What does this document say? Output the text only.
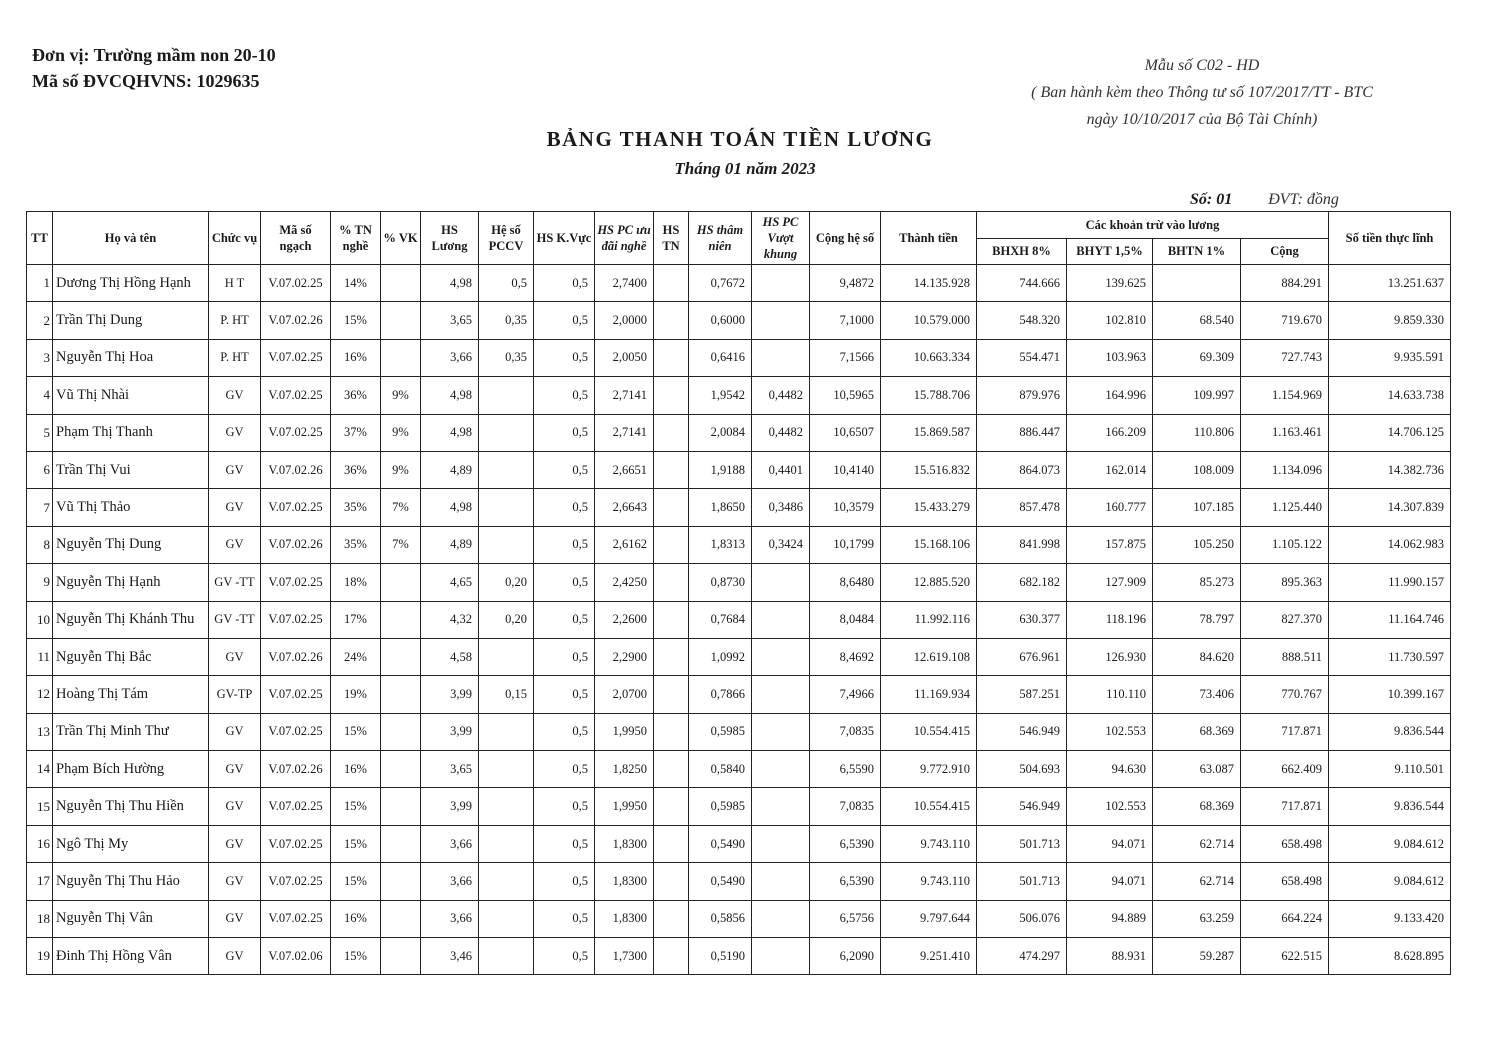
Đơn vị: Trường mầm non 20-10
Mã số ĐVCQHVNS: 1029635
Mẫu số C02 - HD
( Ban hành kèm theo Thông tư số 107/2017/TT - BTC
ngày 10/10/2017 của Bộ Tài Chính)
BẢNG THANH TOÁN TIỀN LƯƠNG
Tháng 01 năm 2023
Số: 01 ĐVT: đồng
TT	Họ và tên	Chức vụ	Mã số ngạch	% TN nghề	% VK	HS Lương	Hệ số PCCV	HS K.Vực	HS PC ưu đãi nghề	HS TN	HS thâm niên	HS PC Vượt khung	Cộng hệ số	Thành tiền	Các khoản trừ vào lương				Số tiền thực lĩnh
															BHXH 8%	BHYT 1,5%	BHTN 1%	Cộng	
1	Dương Thị Hồng Hạnh	H T	V.07.02.25	14%		4,98	0,5	0,5	2,7400		0,7672		9,4872	14.135.928	744.666	139.625		884.291	13.251.637
2	Trần Thị Dung	P. HT	V.07.02.26	15%		3,65	0,35	0,5	2,0000		0,6000		7,1000	10.579.000	548.320	102.810	68.540	719.670	9.859.330
3	Nguyễn Thị Hoa	P. HT	V.07.02.25	16%		3,66	0,35	0,5	2,0050		0,6416		7,1566	10.663.334	554.471	103.963	69.309	727.743	9.935.591
4	Vũ Thị Nhài	GV	V.07.02.25	36%	9%	4,98		0,5	2,7141		1,9542	0,4482	10,5965	15.788.706	879.976	164.996	109.997	1.154.969	14.633.738
5	Phạm Thị Thanh	GV	V.07.02.25	37%	9%	4,98		0,5	2,7141		2,0084	0,4482	10,6507	15.869.587	886.447	166.209	110.806	1.163.461	14.706.125
6	Trần Thị Vui	GV	V.07.02.26	36%	9%	4,89		0,5	2,6651		1,9188	0,4401	10,4140	15.516.832	864.073	162.014	108.009	1.134.096	14.382.736
7	Vũ Thị Thảo	GV	V.07.02.25	35%	7%	4,98		0,5	2,6643		1,8650	0,3486	10,3579	15.433.279	857.478	160.777	107.185	1.125.440	14.307.839
8	Nguyễn Thị Dung	GV	V.07.02.26	35%	7%	4,89		0,5	2,6162		1,8313	0,3424	10,1799	15.168.106	841.998	157.875	105.250	1.105.122	14.062.983
9	Nguyễn Thị Hạnh	GV -TT	V.07.02.25	18%		4,65	0,20	0,5	2,4250		0,8730		8,6480	12.885.520	682.182	127.909	85.273	895.363	11.990.157
10	Nguyễn Thị Khánh Thu	GV -TT	V.07.02.25	17%		4,32	0,20	0,5	2,2600		0,7684		8,0484	11.992.116	630.377	118.196	78.797	827.370	11.164.746
11	Nguyễn Thị Bắc	GV	V.07.02.26	24%		4,58		0,5	2,2900		1,0992		8,4692	12.619.108	676.961	126.930	84.620	888.511	11.730.597
12	Hoàng Thị Tám	GV-TP	V.07.02.25	19%		3,99	0,15	0,5	2,0700		0,7866		7,4966	11.169.934	587.251	110.110	73.406	770.767	10.399.167
13	Trần Thị Minh Thư	GV	V.07.02.25	15%		3,99		0,5	1,9950		0,5985		7,0835	10.554.415	546.949	102.553	68.369	717.871	9.836.544
14	Phạm Bích Hường	GV	V.07.02.26	16%		3,65		0,5	1,8250		0,5840		6,5590	9.772.910	504.693	94.630	63.087	662.409	9.110.501
15	Nguyễn Thị Thu Hiền	GV	V.07.02.25	15%		3,99		0,5	1,9950		0,5985		7,0835	10.554.415	546.949	102.553	68.369	717.871	9.836.544
16	Ngô Thị My	GV	V.07.02.25	15%		3,66		0,5	1,8300		0,5490		6,5390	9.743.110	501.713	94.071	62.714	658.498	9.084.612
17	Nguyễn Thị Thu Hảo	GV	V.07.02.25	15%		3,66		0,5	1,8300		0,5490		6,5390	9.743.110	501.713	94.071	62.714	658.498	9.084.612
18	Nguyễn Thị Vân	GV	V.07.02.25	16%		3,66		0,5	1,8300		0,5856		6,5756	9.797.644	506.076	94.889	63.259	664.224	9.133.420
19	Đinh Thị Hồng Vân	GV	V.07.02.06	15%		3,46		0,5	1,7300		0,5190		6,2090	9.251.410	474.297	88.931	59.287	622.515	8.628.895
